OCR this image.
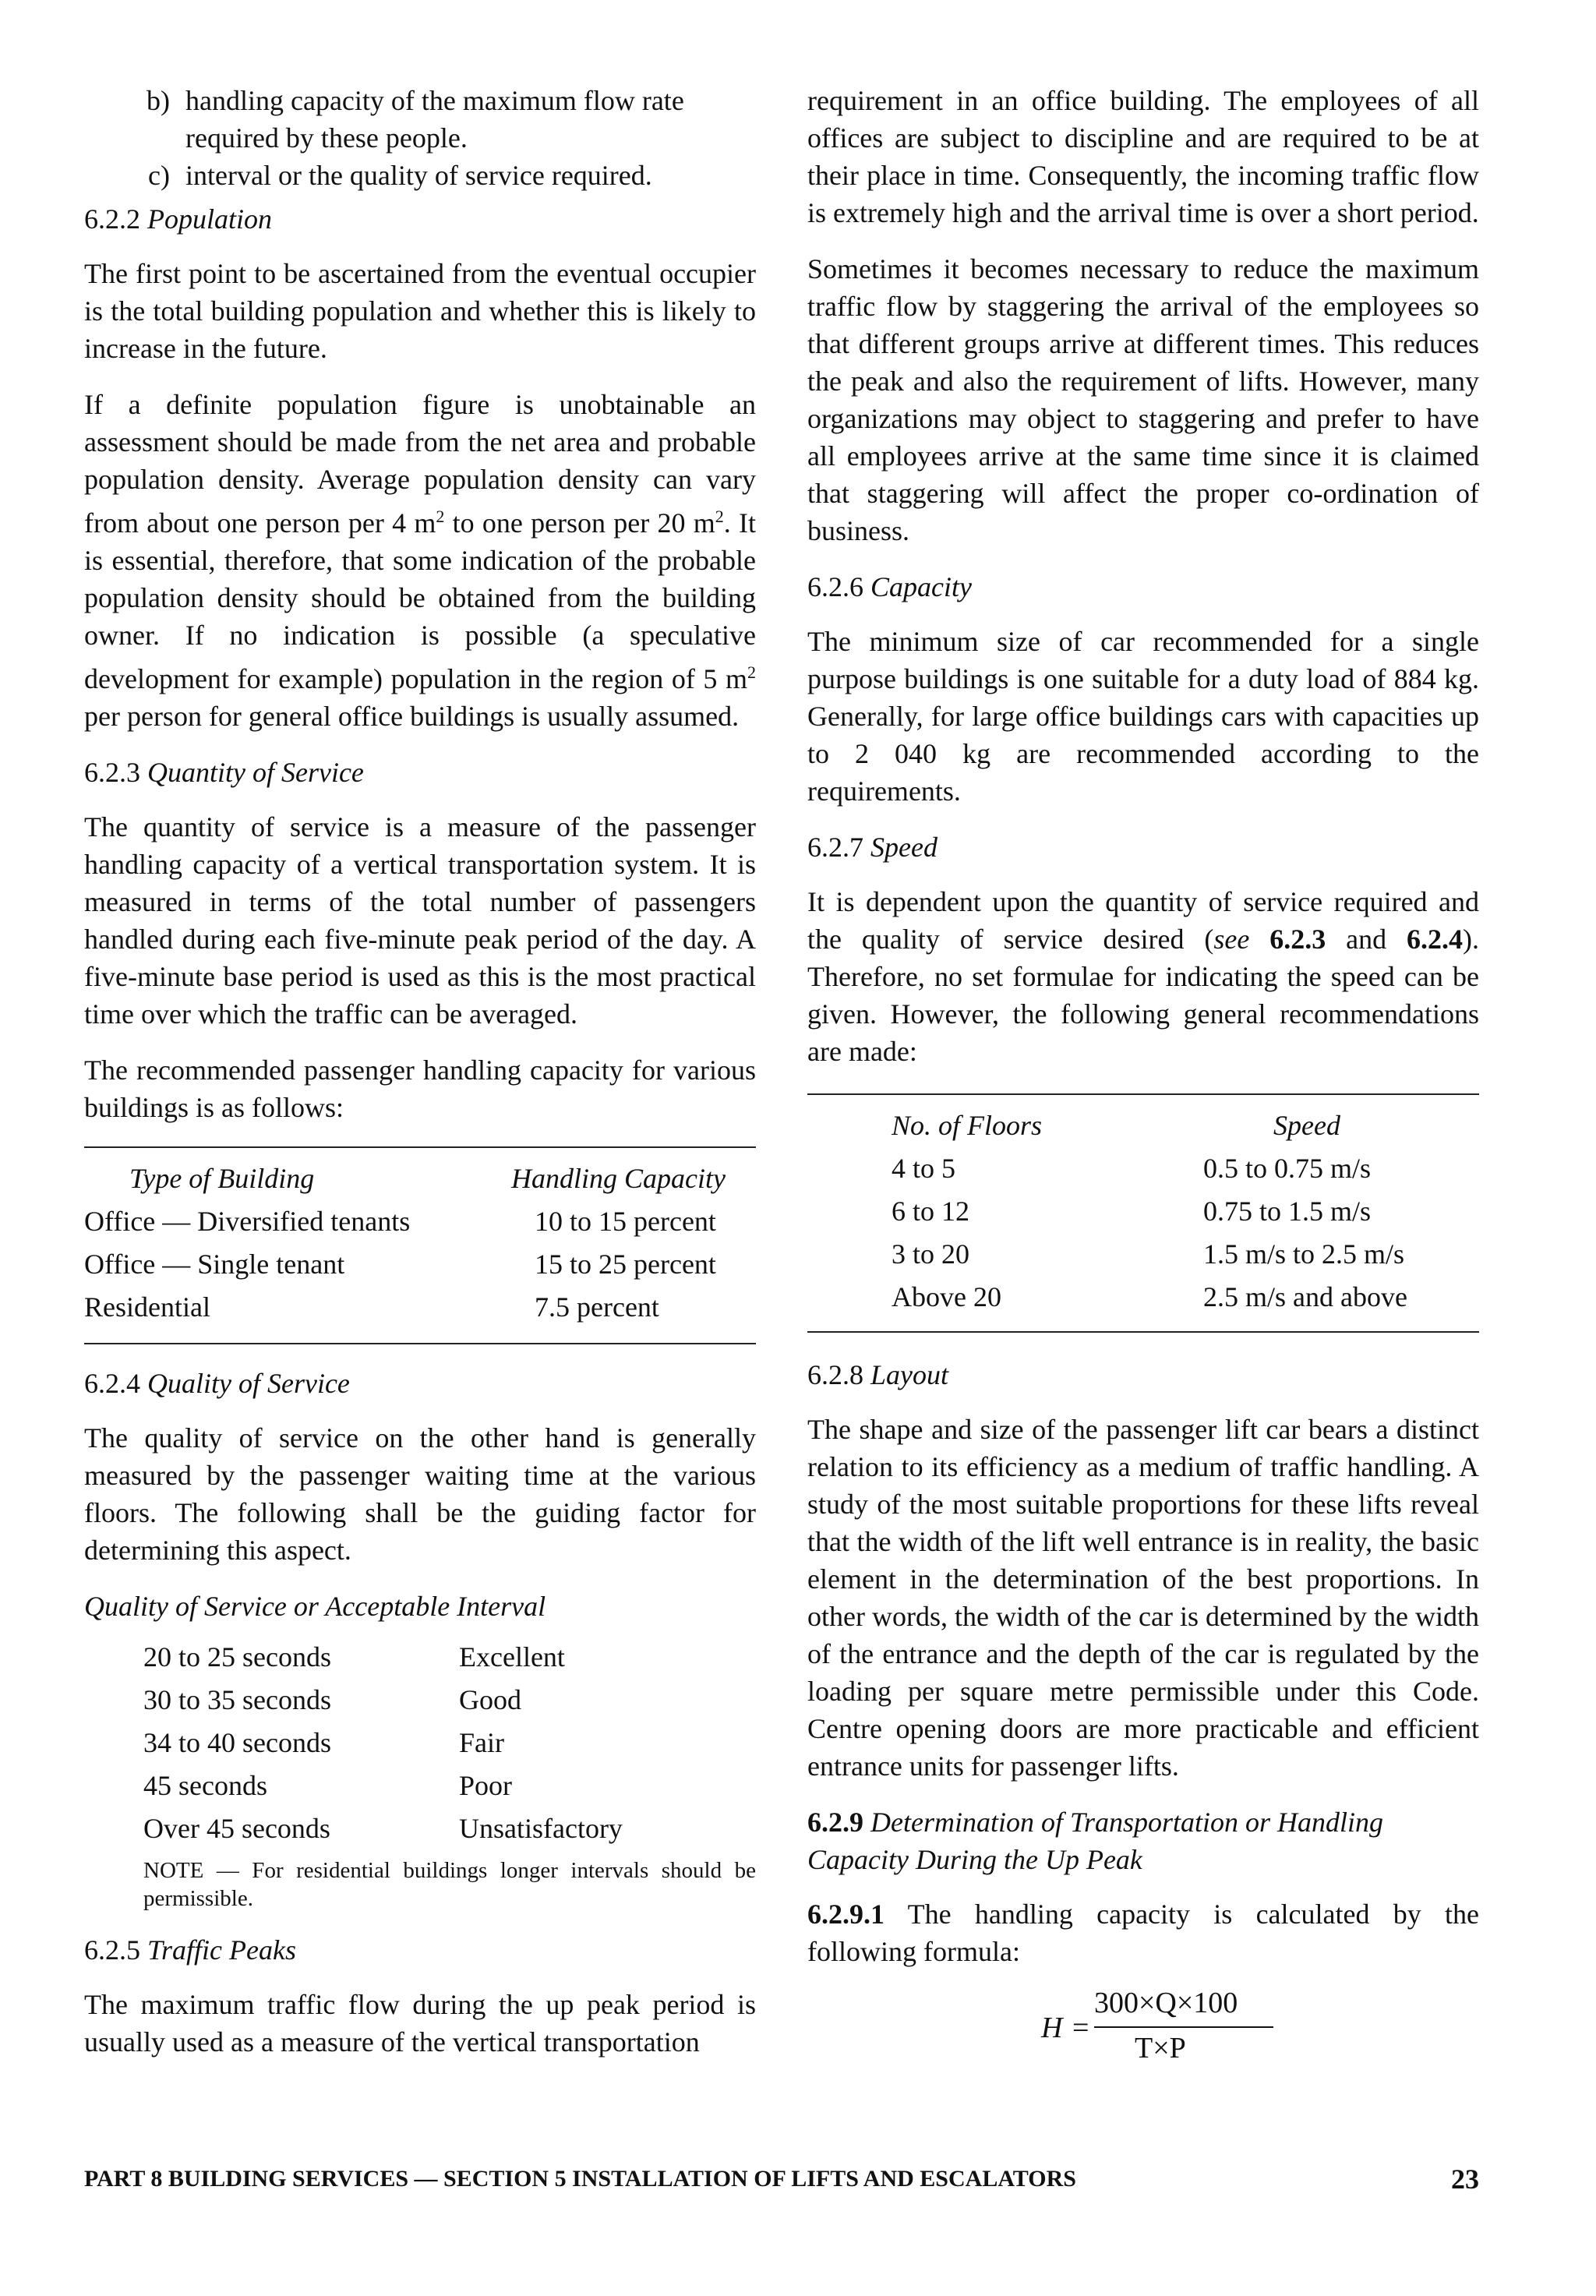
b) handling capacity of the maximum flow rate required by these people.
c) interval or the quality of service required.
6.2.2 Population

The first point to be ascertained from the eventual occupier is the total building population and whether this is likely to increase in the future.

If a definite population figure is unobtainable an assessment should be made from the net area and probable population density. Average population density can vary from about one person per 4 $m^2$ to one person per 20 $m^2$. It is essential, therefore, that some indication of the probable population density should be obtained from the building owner. If no indication is possible (a speculative development for example) population in the region of 5 $m^2$ per person for general office buildings is usually assumed.

6.2.3 Quantity of Service

The quantity of service is a measure of the passenger handling capacity of a vertical transportation system. It is measured in terms of the total number of passengers handled during each five-minute peak period of the day. A five-minute base period is used as this is the most practical time over which the traffic can be averaged.

The recommended passenger handling capacity for various buildings is as follows:

Type of Building	Handling Capacity
Office — Diversified tenants	10 to 15 percent
Office — Single tenant	15 to 25 percent
Residential	7.5 percent
6.2.4 Quality of Service

The quality of service on the other hand is generally measured by the passenger waiting time at the various floors. The following shall be the guiding factor for determining this aspect.

Quality of Service or Acceptable Interval
20 to 25 seconds	Excellent
30 to 35 seconds	Good
34 to 40 seconds	Fair
45 seconds	Poor
Over 45 seconds	Unsatisfactory

NOTE — For residential buildings longer intervals should be permissible.

6.2.5 Traffic Peaks

The maximum traffic flow during the up peak period is usually used as a measure of the vertical transportation

requirement in an office building. The employees of all offices are subject to discipline and are required to be at their place in time. Consequently, the incoming traffic flow is extremely high and the arrival time is over a short period.

Sometimes it becomes necessary to reduce the maximum traffic flow by staggering the arrival of the employees so that different groups arrive at different times. This reduces the peak and also the requirement of lifts. However, many organizations may object to staggering and prefer to have all employees arrive at the same time since it is claimed that staggering will affect the proper co-ordination of business.

6.2.6 Capacity

The minimum size of car recommended for a single purpose buildings is one suitable for a duty load of 884 kg. Generally, for large office buildings cars with capacities up to 2 040 kg are recommended according to the requirements.

6.2.7 Speed

It is dependent upon the quantity of service required and the quality of service desired (see 6.2.3 and 6.2.4). Therefore, no set formulae for indicating the speed can be given. However, the following general recommendations are made:

No. of Floors	Speed
4 to 5	0.5 to 0.75 m/s
6 to 12	0.75 to 1.5 m/s
3 to 20	1.5 m/s to 2.5 m/s
Above 20	2.5 m/s and above
6.2.8 Layout

The shape and size of the passenger lift car bears a distinct relation to its efficiency as a medium of traffic handling. A study of the most suitable proportions for these lifts reveal that the width of the lift well entrance is in reality, the basic element in the determination of the best proportions. In other words, the width of the car is determined by the width of the entrance and the depth of the car is regulated by the loading per square metre permissible under this Code. Centre opening doors are more practicable and efficient entrance units for passenger lifts.

6.2.9 Determination of Transportation or Handling Capacity During the Up Peak

6.2.9.1 The handling capacity is calculated by the following formula:

H =
300×Q×100
T×P
PART 8 BUILDING SERVICES — SECTION 5 INSTALLATION OF LIFTS AND ESCALATORS	23
